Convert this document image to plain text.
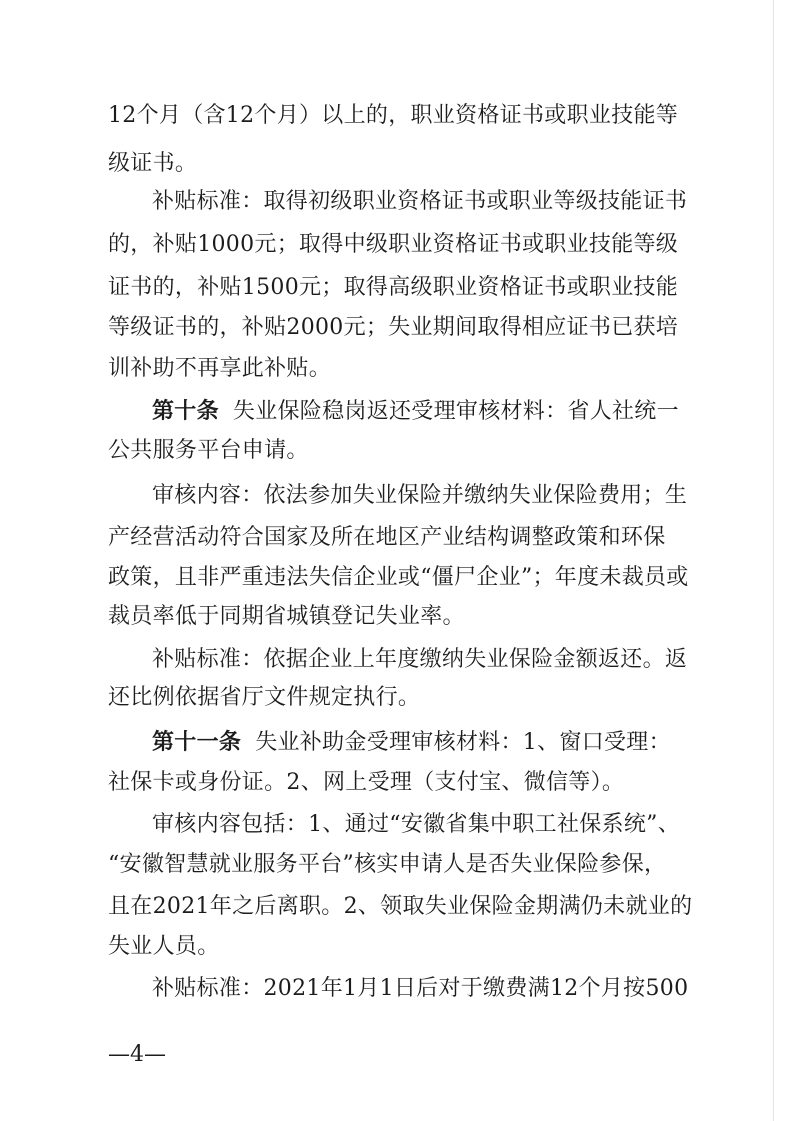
12个月（含12个月）以上的，职业资格证书或职业技能等
级证书。
补贴标准：取得初级职业资格证书或职业等级技能证书
的，补贴1000元；取得中级职业资格证书或职业技能等级
证书的，补贴1500元；取得高级职业资格证书或职业技能
等级证书的，补贴2000元；失业期间取得相应证书已获培
训补助不再享此补贴。
第十条 失业保险稳岗返还受理审核材料：省人社统一
公共服务平台申请。
审核内容：依法参加失业保险并缴纳失业保险费用；生
产经营活动符合国家及所在地区产业结构调整政策和环保
政策，且非严重违法失信企业或“僵尸企业”；年度未裁员或
裁员率低于同期省城镇登记失业率。
补贴标准：依据企业上年度缴纳失业保险金额返还。返
还比例依据省厅文件规定执行。
第十一条 失业补助金受理审核材料：1、窗口受理：
社保卡或身份证。2、网上受理（支付宝、微信等）。
审核内容包括：1、通过“安徽省集中职工社保系统”、
“安徽智慧就业服务平台”核实申请人是否失业保险参保，
且在2021年之后离职。2、领取失业保险金期满仍未就业的
失业人员。
补贴标准：2021年1月1日后对于缴费满12个月按500
—4—
